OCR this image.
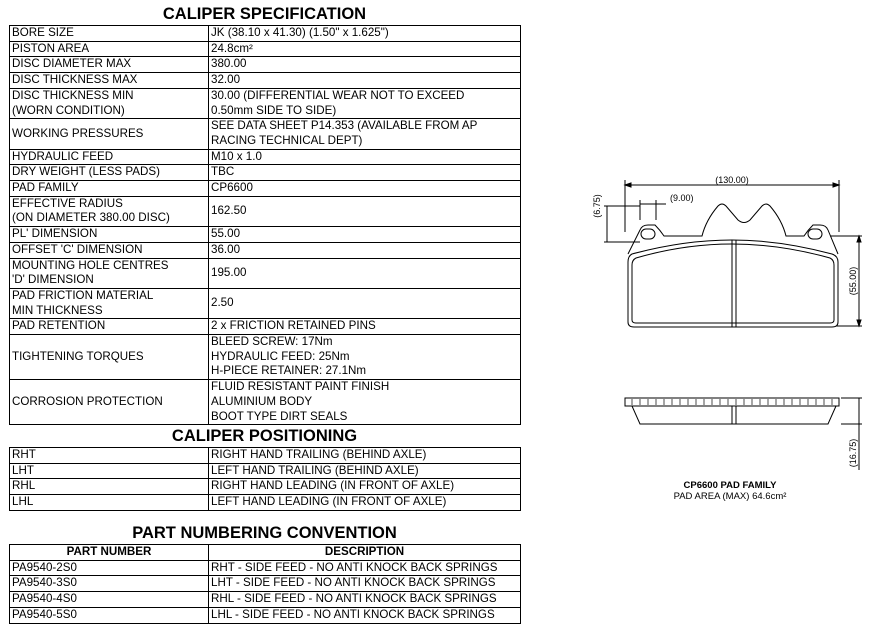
CALIPER SPECIFICATION
BORE SIZE	JK (38.10 x 41.30) (1.50" x 1.625")

PISTON AREA	24.8cm²

DISC DIAMETER MAX	380.00

DISC THICKNESS MAX	32.00

DISC THICKNESS MIN
(WORN CONDITION)	30.00 (DIFFERENTIAL WEAR NOT TO EXCEED
0.50mm SIDE TO SIDE)

WORKING PRESSURES	SEE DATA SHEET P14.353 (AVAILABLE FROM AP
RACING TECHNICAL DEPT)

HYDRAULIC FEED	M10 x 1.0

DRY WEIGHT (LESS PADS)	TBC

PAD FAMILY	CP6600

EFFECTIVE RADIUS
(ON DIAMETER 380.00 DISC)	162.50

PL' DIMENSION	55.00

OFFSET 'C' DIMENSION	36.00

MOUNTING HOLE CENTRES
'D' DIMENSION	195.00

PAD FRICTION MATERIAL
MIN THICKNESS	2.50

PAD RETENTION	2 x FRICTION RETAINED PINS

TIGHTENING TORQUES	BLEED SCREW: 17Nm
HYDRAULIC FEED: 25Nm
H-PIECE RETAINER: 27.1Nm

CORROSION PROTECTION	FLUID RESISTANT PAINT FINISH
ALUMINIUM BODY
BOOT TYPE DIRT SEALS
CALIPER POSITIONING
RHT	RIGHT HAND TRAILING (BEHIND AXLE)
LHT	LEFT HAND TRAILING (BEHIND AXLE)
RHL	RIGHT HAND LEADING (IN FRONT OF AXLE)
LHL	LEFT HAND LEADING (IN FRONT OF AXLE)
PART NUMBERING CONVENTION
PART NUMBER	DESCRIPTION
PA9540-2S0	RHT - SIDE FEED - NO ANTI KNOCK BACK SPRINGS
PA9540-3S0	LHT - SIDE FEED - NO ANTI KNOCK BACK SPRINGS
PA9540-4S0	RHL - SIDE FEED - NO ANTI KNOCK BACK SPRINGS
PA9540-5S0	LHL - SIDE FEED - NO ANTI KNOCK BACK SPRINGS
(130.00)
(9.00)
(6.75)
(55.00)
(16.75)
CP6600 PAD FAMILY
PAD AREA (MAX) 64.6cm²
